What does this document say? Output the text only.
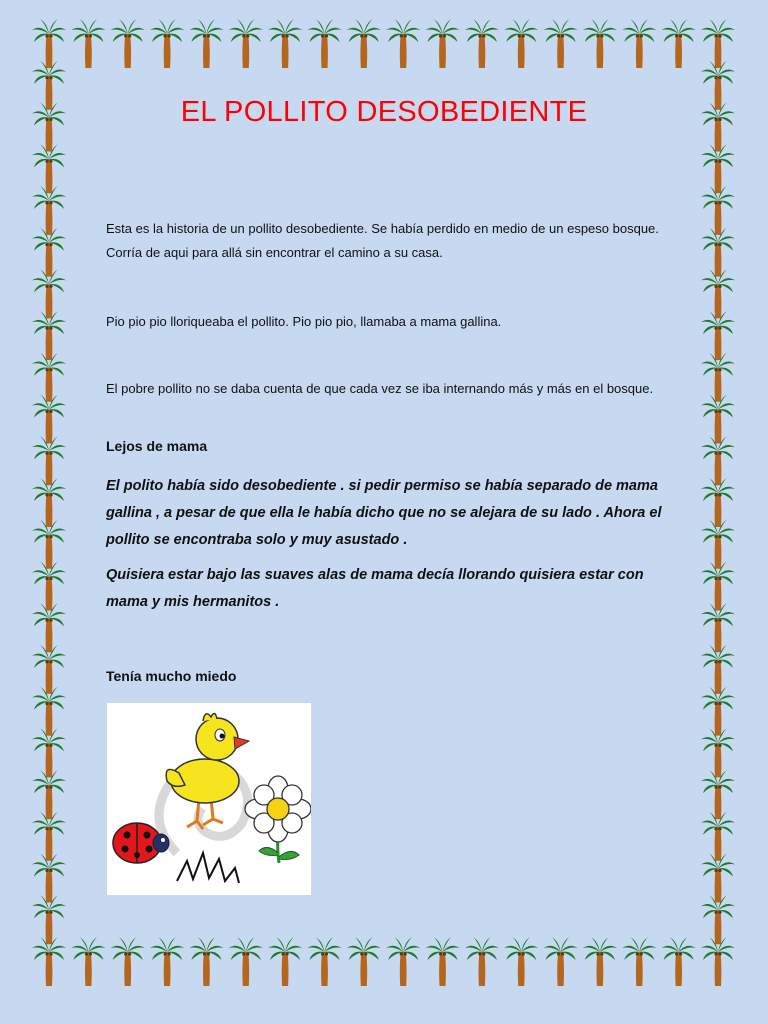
EL POLLITO DESOBEDIENTE
Esta es la historia de un pollito desobediente. Se había perdido en medio de un espeso bosque. Corría de aqui para allá sin encontrar el camino a su casa.
Pio pio pio lloriqueaba el pollito. Pio pio pio, llamaba a mama gallina.
El pobre pollito no se daba cuenta de que cada vez se iba internando más y más en el bosque.
Lejos de mama
El polito había sido desobediente . si pedir permiso se había separado de mama gallina , a pesar de que ella le había dicho que no se alejara de su lado . Ahora el pollito se encontraba solo y muy asustado .
Quisiera estar bajo las suaves alas de mama decía llorando quisiera estar con mama y mis hermanitos .
Tenía mucho miedo
